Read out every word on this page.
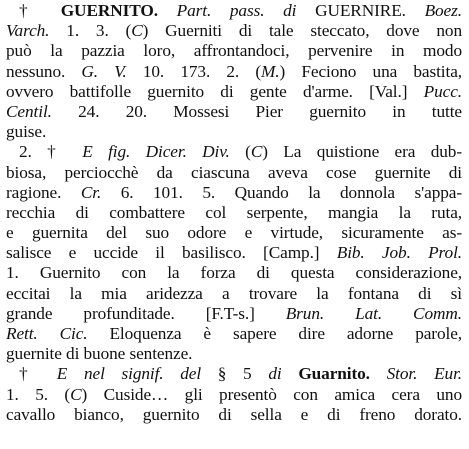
† GUERNITO. Part. pass. di GUERNIRE. Boez.
Varch. 1. 3. (C) Guerniti di tale steccato, dove non
può la pazzia loro, affrontandoci, pervenire in modo
nessuno. G. V. 10. 173. 2. (M.) Feciono una bastita,
ovvero battifolle guernito di gente d'arme. [Val.] Pucc.
Centil. 24. 20. Mossesi Pier guernito in tutte
guise.
2. † E fig. Dicer. Div. (C) La quistione era dub-
biosa, perciocchè da ciascuna aveva cose guernite di
ragione. Cr. 6. 101. 5. Quando la donnola s'appa-
recchia di combattere col serpente, mangia la ruta,
e guernita del suo odore e virtude, sicuramente as-
salisce e uccide il basilisco. [Camp.] Bib. Job. Prol.
1. Guernito con la forza di questa considerazione,
eccitai la mia aridezza a trovare la fontana di sì
grande profunditade. [F.T-s.] Brun. Lat. Comm.
Rett. Cic. Eloquenza è sapere dire adorne parole,
guernite di buone sentenze.
† E nel signif. del § 5 di Guarnito. Stor. Eur.
1. 5. (C) Cuside… gli presentò con amica cera uno
cavallo bianco, guernito di sella e di freno dorato.
